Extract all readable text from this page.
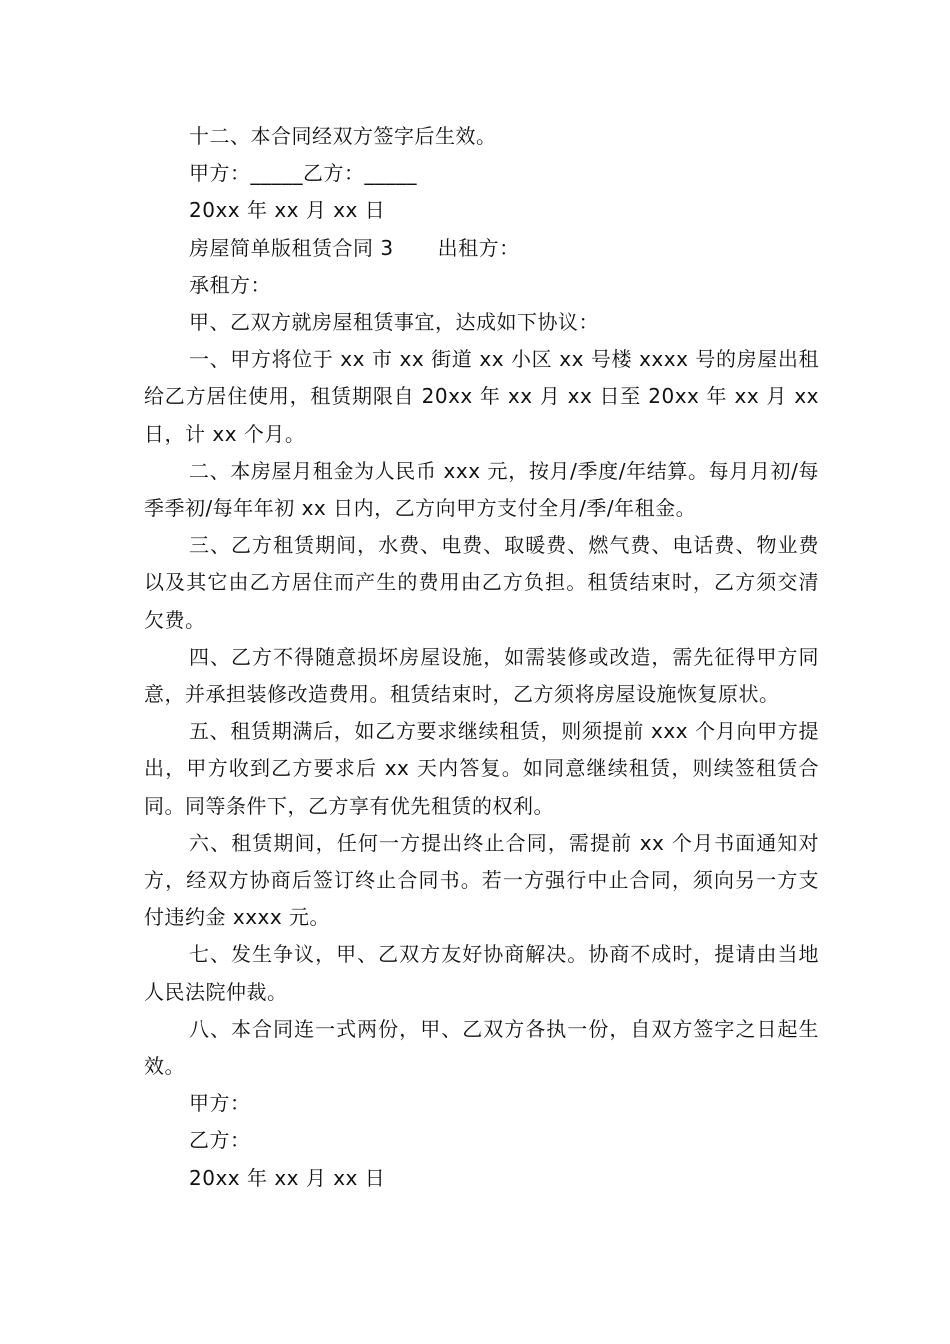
十二、本合同经双方签字后生效。

甲方：_____乙方：_____

20xx 年 xx 月 xx 日

房屋简单版租赁合同 3 出租方：

承租方：

甲、乙双方就房屋租赁事宜，达成如下协议：

一、甲方将位于 xx 市 xx 街道 xx 小区 xx 号楼 xxxx 号的房屋出租给乙方居住使用，租赁期限自 20xx 年 xx 月 xx 日至 20xx 年 xx 月 xx 日，计 xx 个月。

二、本房屋月租金为人民币 xxx 元，按月/季度/年结算。每月月初/每季季初/每年年初 xx 日内，乙方向甲方支付全月/季/年租金。

三、乙方租赁期间，水费、电费、取暖费、燃气费、电话费、物业费以及其它由乙方居住而产生的费用由乙方负担。租赁结束时，乙方须交清欠费。

四、乙方不得随意损坏房屋设施，如需装修或改造，需先征得甲方同意，并承担装修改造费用。租赁结束时，乙方须将房屋设施恢复原状。

五、租赁期满后，如乙方要求继续租赁，则须提前 xxx 个月向甲方提出，甲方收到乙方要求后 xx 天内答复。如同意继续租赁，则续签租赁合同。同等条件下，乙方享有优先租赁的权利。

六、租赁期间，任何一方提出终止合同，需提前 xx 个月书面通知对方，经双方协商后签订终止合同书。若一方强行中止合同，须向另一方支付违约金 xxxx 元。

七、发生争议，甲、乙双方友好协商解决。协商不成时，提请由当地人民法院仲裁。

八、本合同连一式两份，甲、乙双方各执一份，自双方签字之日起生效。

甲方：

乙方：

20xx 年 xx 月 xx 日
